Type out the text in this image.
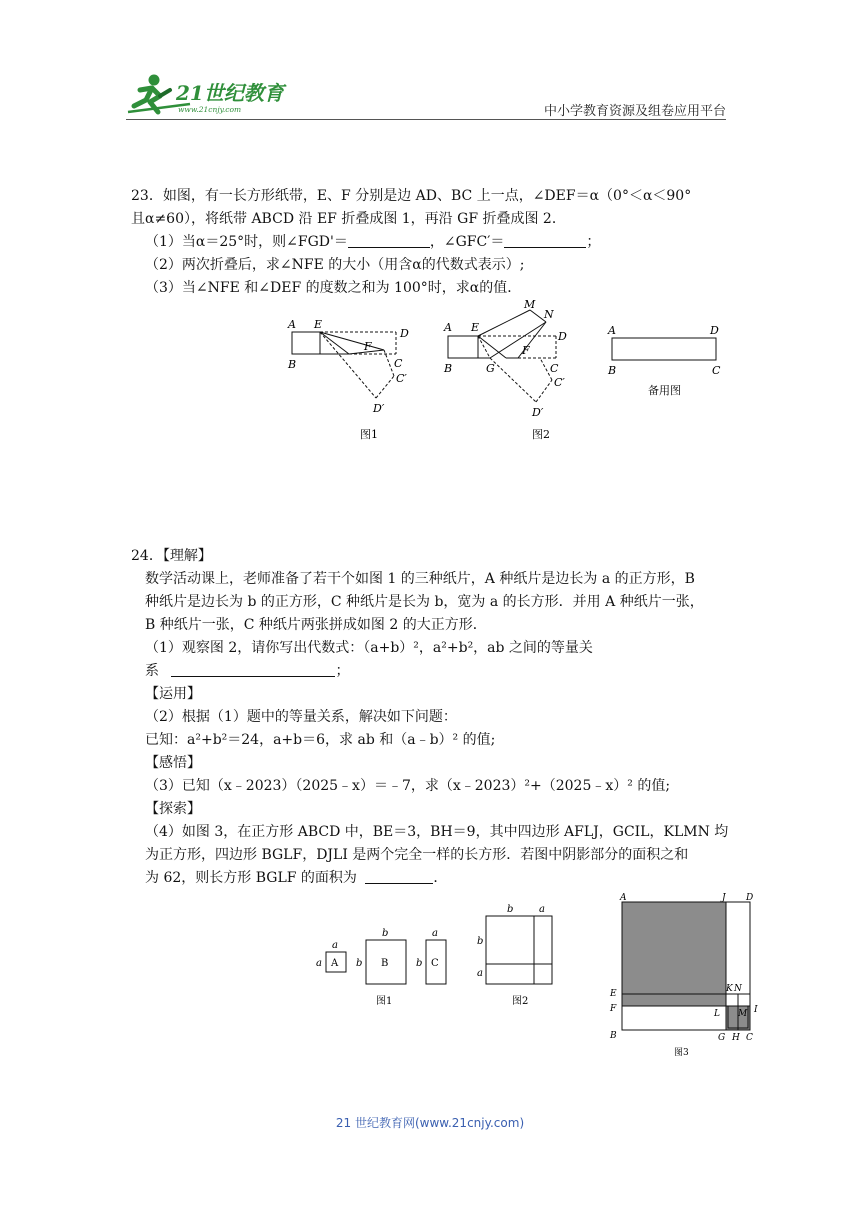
21世纪教育
www.21cnjy.com	中小学教育资源及组卷应用平台
23．如图，有一长方形纸带，E、F 分别是边 AD、BC 上一点，∠DEF＝α（0°＜α＜90°
且α≠60），将纸带 ABCD 沿 EF 折叠成图 1，再沿 GF 折叠成图 2．
（1）当α＝25°时，则∠FGD'＝	，∠GFC′＝	；
（2）两次折叠后，求∠NFE 的大小（用含α的代数式表示）;
（3）当∠NFE 和∠DEF 的度数之和为 100°时，求α的值．
A E
D
B
F
C
C′
D′
图1
A E
M
N
D
B	G
F
C
C′
D′
图2
A	D
B	C
备用图
24．【理解】
数学活动课上，老师准备了若干个如图 1 的三种纸片，A 种纸片是边长为 a 的正方形，B
种纸片是边长为 b 的正方形，C 种纸片是长为 b，宽为 a 的长方形．并用 A 种纸片一张，
B 种纸片一张，C 种纸片两张拼成如图 2 的大正方形．
（1）观察图 2，请你写出代数式：（a+b）²，a²+b²，ab 之间的等量关
系	；
【运用】
（2）根据（1）题中的等量关系，解决如下问题：
已知：a²+b²＝24，a+b＝6，求 ab 和（a﹣b）² 的值;
【感悟】
（3）已知（x﹣2023）（2025﹣x）＝﹣7，求（x﹣2023）²+（2025﹣x）² 的值;
【探索】
（4）如图 3，在正方形 ABCD 中，BE＝3，BH＝9，其中四边形 AFLJ，GCIL，KLMN 均
为正方形，四边形 BGLF，DJLI 是两个完全一样的长方形．若图中阴影部分的面积之和
为 62，则长方形 BGLF 的面积为	．
a
a A
b
b B
a
b C
图1
b	a
b
a
图2
A	J D
E
F
B
K N
L M I
G H C
图3
21 世纪教育网(www.21cnjy.com)
